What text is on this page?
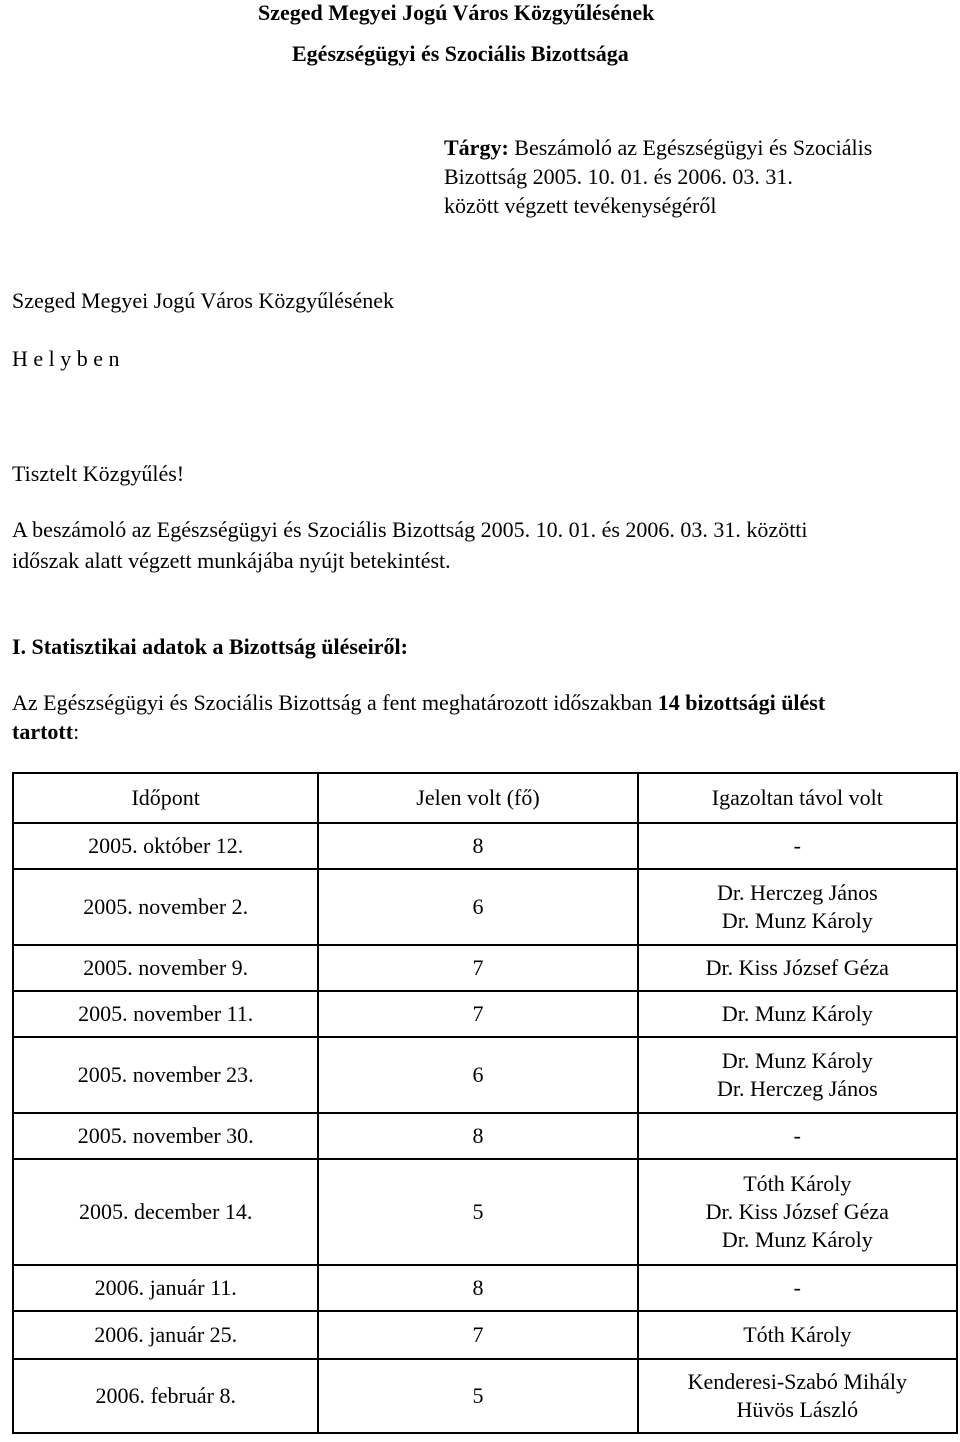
Szeged Megyei Jogú Város Közgyűlésének
Egészségügyi és Szociális Bizottsága
Tárgy: Beszámoló az Egészségügyi és Szociális
Bizottság 2005. 10. 01. és 2006. 03. 31.
között végzett tevékenységéről
Szeged Megyei Jogú Város Közgyűlésének
H e l y b e n
Tisztelt Közgyűlés!
A beszámoló az Egészségügyi és Szociális Bizottság 2005. 10. 01. és 2006. 03. 31. közötti
időszak alatt végzett munkájába nyújt betekintést.
I. Statisztikai adatok a Bizottság üléseiről:
Az Egészségügyi és Szociális Bizottság a fent meghatározott időszakban 14 bizottsági ülést
tartott:
Időpont	Jelen volt (fő)	Igazoltan távol volt
2005. október 12.	8	-

2005. november 2.	6	Dr. Herczeg János
Dr. Munz Károly

2005. november 9.	7	Dr. Kiss József Géza

2005. november 11.	7	Dr. Munz Károly

2005. november 23.	6	Dr. Munz Károly
Dr. Herczeg János

2005. november 30.	8	-

2005. december 14.	5	Tóth Károly
Dr. Kiss József Géza
Dr. Munz Károly

2006. január 11.	8	-

2006. január 25.	7	Tóth Károly

2006. február 8.	5	Kenderesi-Szabó Mihály
Hüvös László
